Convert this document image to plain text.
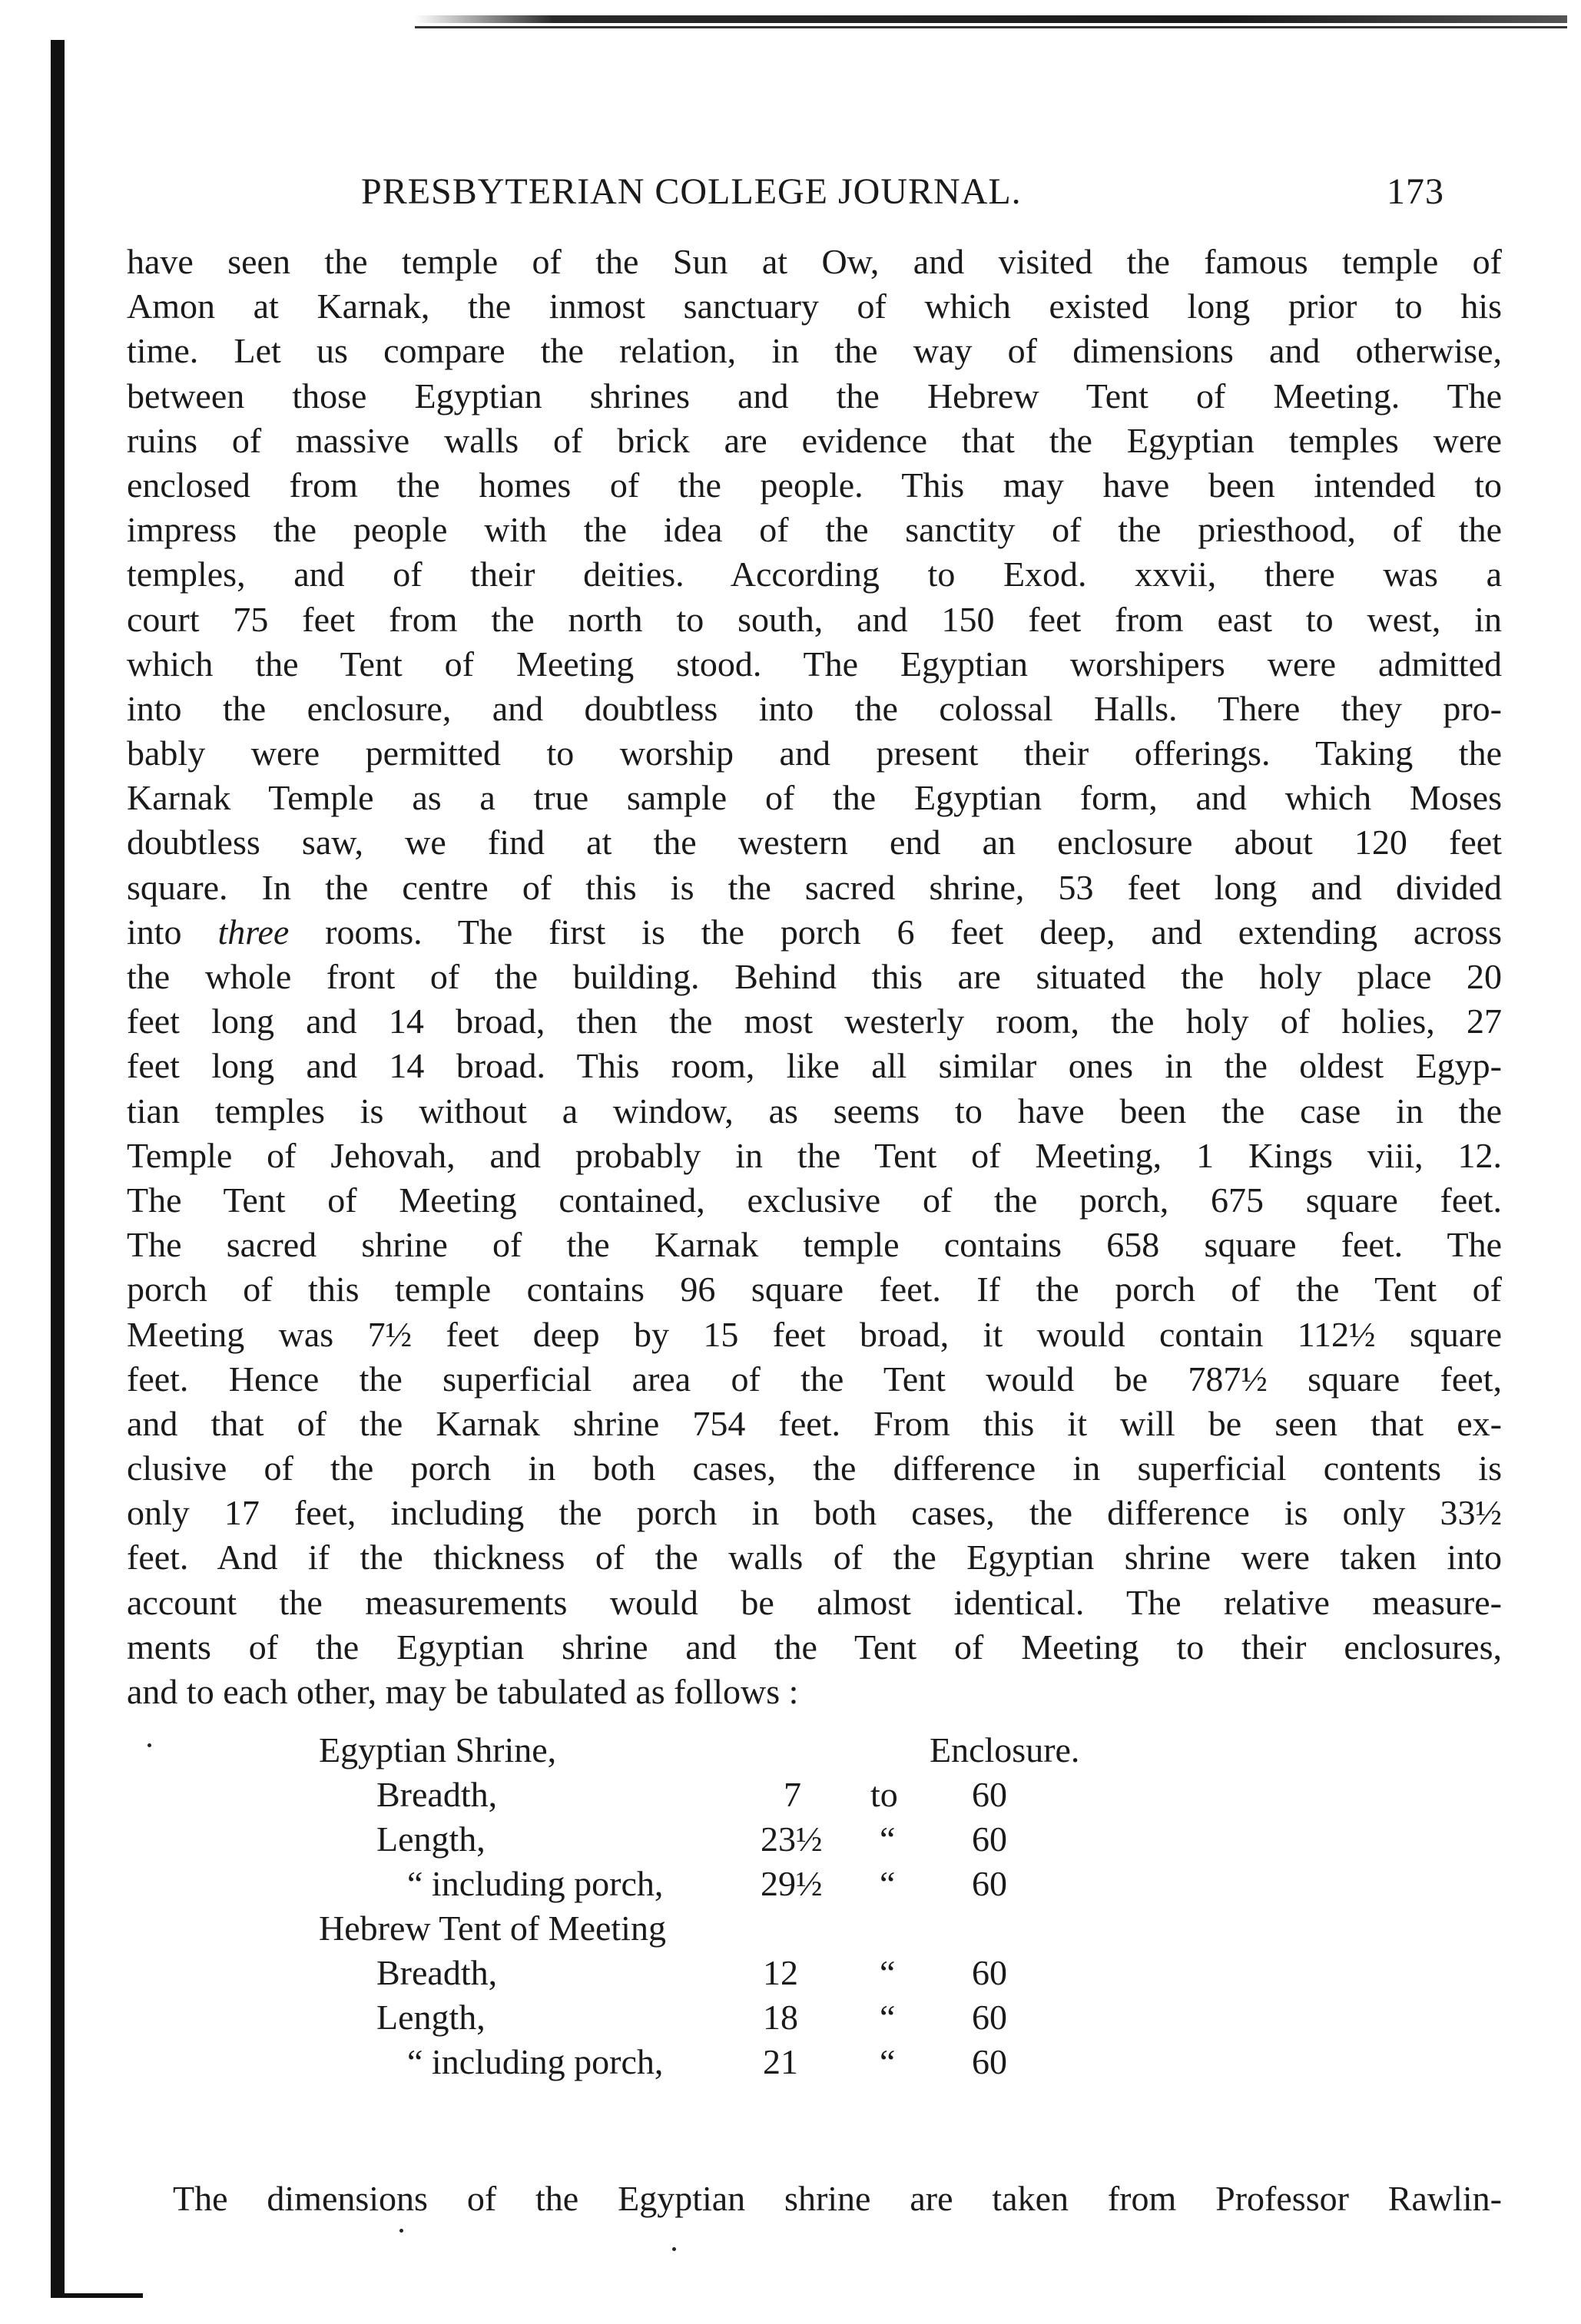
PRESBYTERIAN COLLEGE JOURNAL.	173
have seen the temple of the Sun at Ow, and visited the famous temple of
Amon at Karnak, the inmost sanctuary of which existed long prior to his
time. Let us compare the relation, in the way of dimensions and otherwise,
between those Egyptian shrines and the Hebrew Tent of Meeting. The
ruins of massive walls of brick are evidence that the Egyptian temples were
enclosed from the homes of the people. This may have been intended to
impress the people with the idea of the sanctity of the priesthood, of the
temples, and of their deities. According to Exod. xxvii, there was a
court 75 feet from the north to south, and 150 feet from east to west, in
which the Tent of Meeting stood. The Egyptian worshipers were admitted
into the enclosure, and doubtless into the colossal Halls. There they pro-
bably were permitted to worship and present their offerings. Taking the
Karnak Temple as a true sample of the Egyptian form, and which Moses
doubtless saw, we find at the western end an enclosure about 120 feet
square. In the centre of this is the sacred shrine, 53 feet long and divided
into three rooms. The first is the porch 6 feet deep, and extending across
the whole front of the building. Behind this are situated the holy place 20
feet long and 14 broad, then the most westerly room, the holy of holies, 27
feet long and 14 broad. This room, like all similar ones in the oldest Egyp-
tian temples is without a window, as seems to have been the case in the
Temple of Jehovah, and probably in the Tent of Meeting, 1 Kings viii, 12.
The Tent of Meeting contained, exclusive of the porch, 675 square feet.
The sacred shrine of the Karnak temple contains 658 square feet. The
porch of this temple contains 96 square feet. If the porch of the Tent of
Meeting was 7½ feet deep by 15 feet broad, it would contain 112½ square
feet. Hence the superficial area of the Tent would be 787½ square feet,
and that of the Karnak shrine 754 feet. From this it will be seen that ex-
clusive of the porch in both cases, the difference in superficial contents is
only 17 feet, including the porch in both cases, the difference is only 33½
feet. And if the thickness of the walls of the Egyptian shrine were taken into
account the measurements would be almost identical. The relative measure-
ments of the Egyptian shrine and the Tent of Meeting to their enclosures,
and to each other, may be tabulated as follows :
Egyptian Shrine,	Enclosure.
Breadth,	7 to 60
Length,	23½ “ 60
“ including porch,	29½ “ 60
Hebrew Tent of Meeting
Breadth,	12 “ 60
Length,	18 “ 60
“ including porch,	21 “ 60
The dimensions of the Egyptian shrine are taken from Professor Rawlin-
